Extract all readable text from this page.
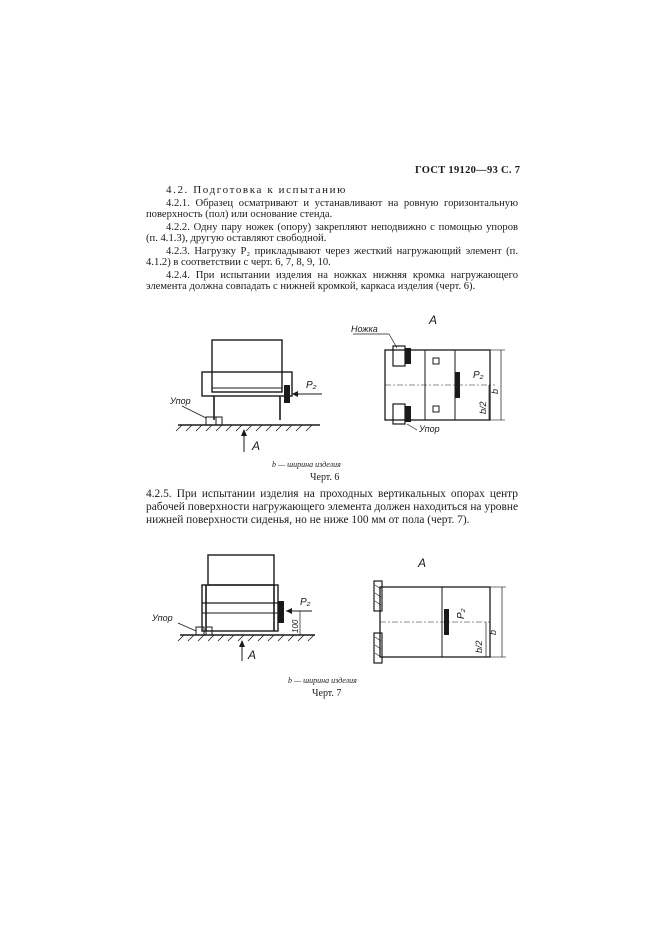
ГОСТ 19120—93 С. 7
4.2. Подготовка к испытанию
4.2.1. Образец осматривают и устанавливают на ровную горизонтальную поверхность (пол) или основание стенда.
4.2.2. Одну пару ножек (опору) закрепляют неподвижно с помощью упоров (п. 4.1.3), другую оставляют свободной.
4.2.3. Нагрузку P₂ прикладывают через жесткий нагружающий элемент (п. 4.1.2) в соответствии с черт. 6, 7, 8, 9, 10.
4.2.4. При испытании изделия на ножках нижняя кромка нагружающего элемента должна совпадать с нижней кромкой, каркаса изделия (черт. 6).
Упор
P₂
A
A
Ножка
P₂
b/2
b
Упор
b — ширина изделия
Черт. 6
4.2.5. При испытании изделия на проходных вертикальных опорах центр рабочей поверхности нагружающего элемента должен находиться на уровне нижней поверхности сиденья, но не ниже 100 мм от пола (черт. 7).
100
Упор
P₂
A
A
P₂
b/2
b
b — ширина изделия
Черт. 7
